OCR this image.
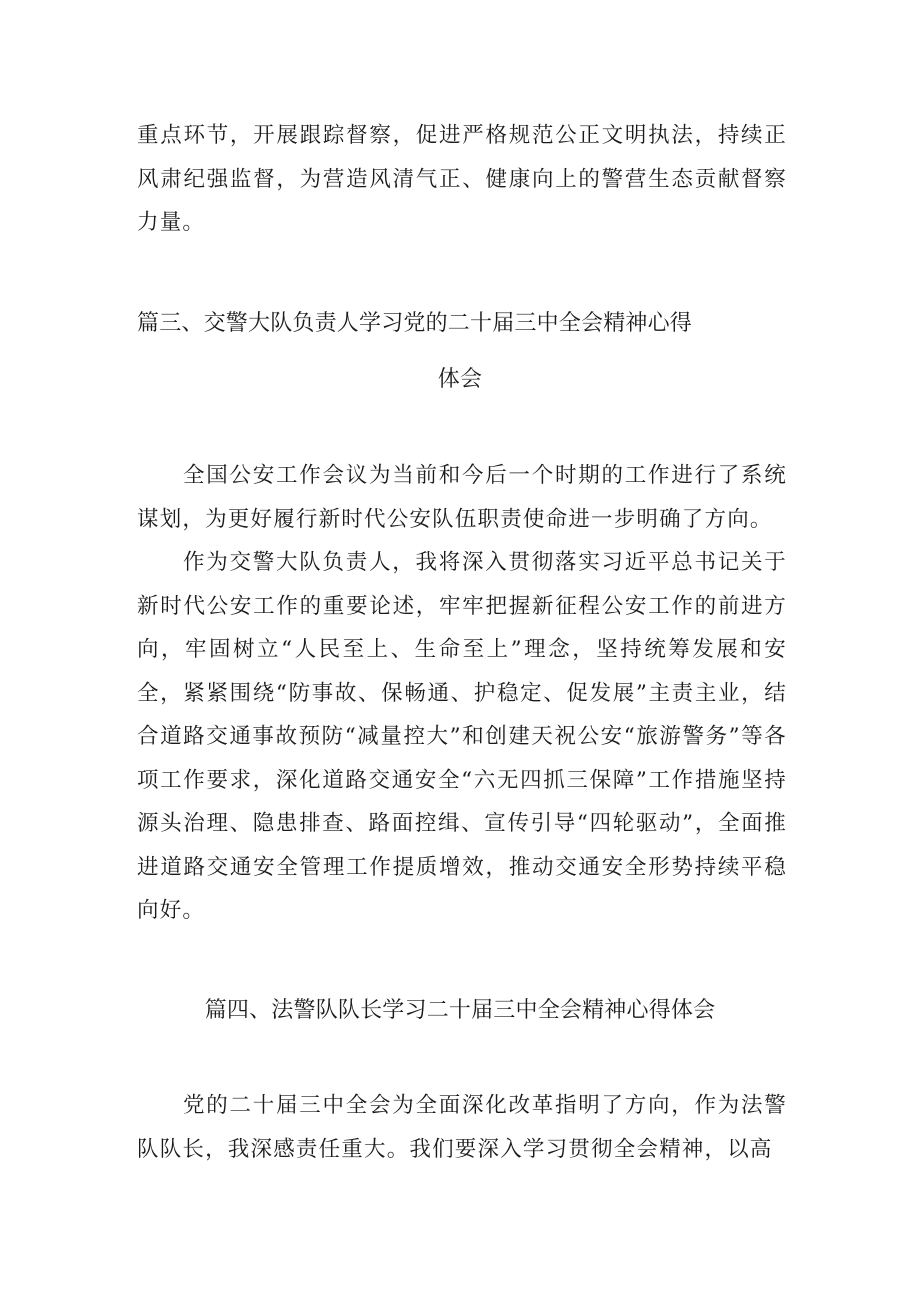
重点环节，开展跟踪督察，促进严格规范公正文明执法，持续正风肃纪强监督，为营造风清气正、健康向上的警营生态贡献督察力量。

篇三、交警大队负责人学习党的二十届三中全会精神心得
体会

全国公安工作会议为当前和今后一个时期的工作进行了系统谋划，为更好履行新时代公安队伍职责使命进一步明确了方向。

作为交警大队负责人，我将深入贯彻落实习近平总书记关于新时代公安工作的重要论述，牢牢把握新征程公安工作的前进方向，牢固树立“人民至上、生命至上”理念，坚持统筹发展和安全，紧紧围绕“防事故、保畅通、护稳定、促发展”主责主业，结合道路交通事故预防“减量控大”和创建天祝公安“旅游警务”等各项工作要求，深化道路交通安全“六无四抓三保障”工作措施坚持源头治理、隐患排查、路面控缉、宣传引导“四轮驱动”，全面推进道路交通安全管理工作提质增效，推动交通安全形势持续平稳向好。

篇四、法警队队长学习二十届三中全会精神心得体会

党的二十届三中全会为全面深化改革指明了方向，作为法警队队长，我深感责任重大。我们要深入学习贯彻全会精神，以高
